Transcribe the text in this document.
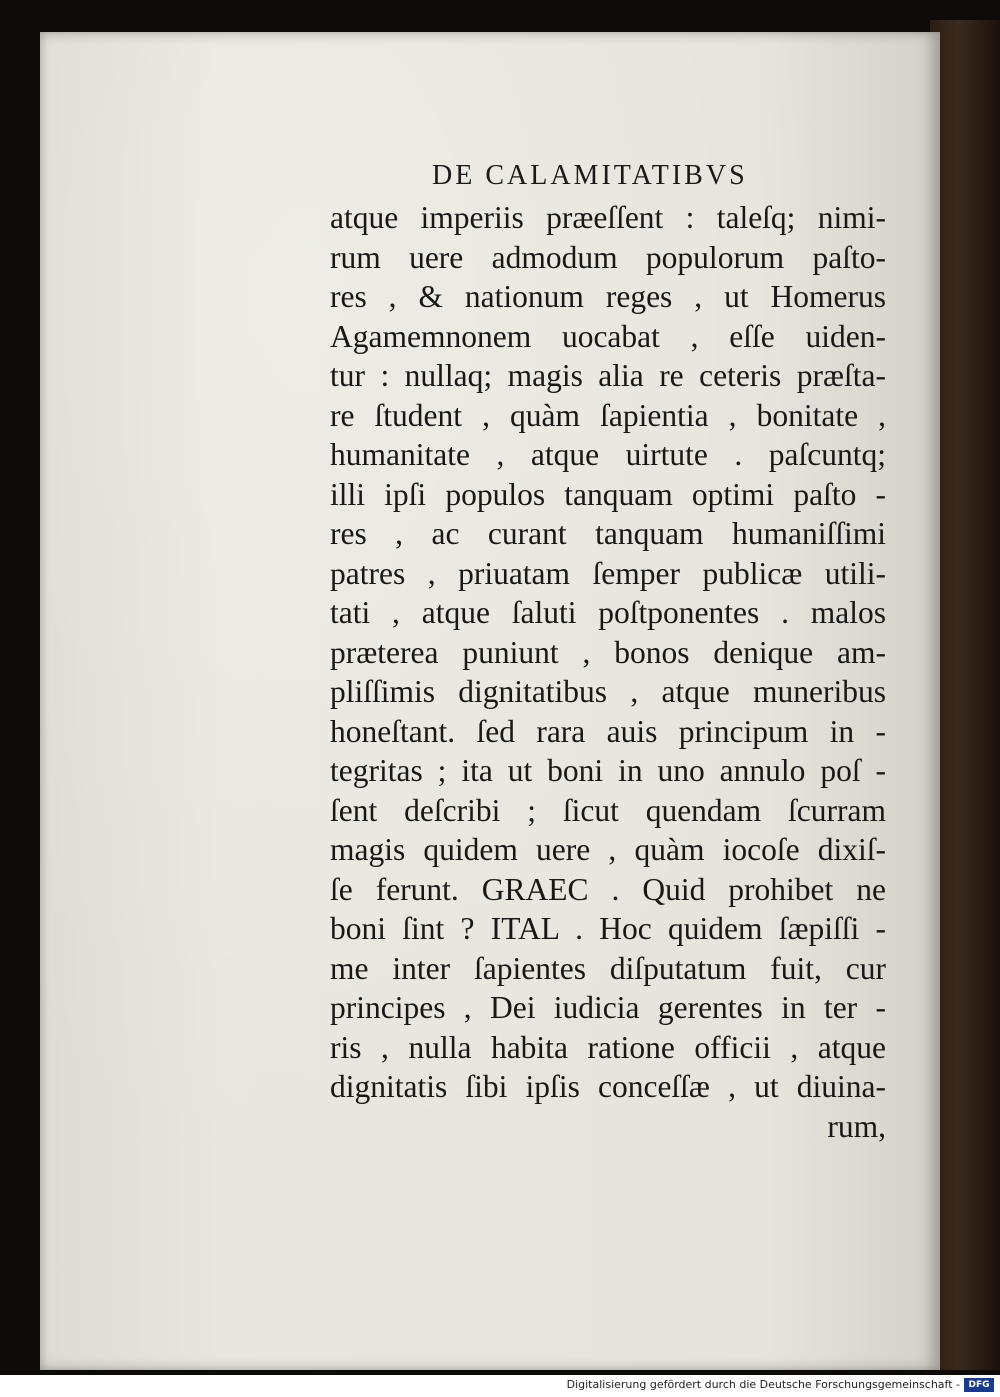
DE CALAMITATIBVS
atque imperiis præeſſent : taleſq; nimi-
rum uere admodum populorum paſto-
res , & nationum reges , ut Homerus
Agamemnonem uocabat , eſſe uiden-
tur : nullaq; magis alia re ceteris præſta-
re ſtudent , quàm ſapientia , bonitate ,
humanitate , atque uirtute . paſcuntq;
illi ipſi populos tanquam optimi paſto -
res , ac curant tanquam humaniſſimi
patres , priuatam ſemper publicæ utili-
tati , atque ſaluti poſtponentes . malos
præterea puniunt , bonos denique am-
pliſſimis dignitatibus , atque muneribus
honeſtant. ſed rara auis principum in -
tegritas ; ita ut boni in uno annulo poſ -
ſent deſcribi ; ſicut quendam ſcurram
magis quidem uere , quàm iocoſe dixiſ-
ſe ferunt. GRAEC . Quid prohibet ne
boni ſint ? ITAL . Hoc quidem ſæpiſſi -
me inter ſapientes diſputatum fuit, cur
principes , Dei iudicia gerentes in ter -
ris , nulla habita ratione officii , atque
dignitatis ſibi ipſis conceſſæ , ut diuina-
rum,
Digitalisierung gefördert durch die Deutsche Forschungsgemeinschaft - DFG
